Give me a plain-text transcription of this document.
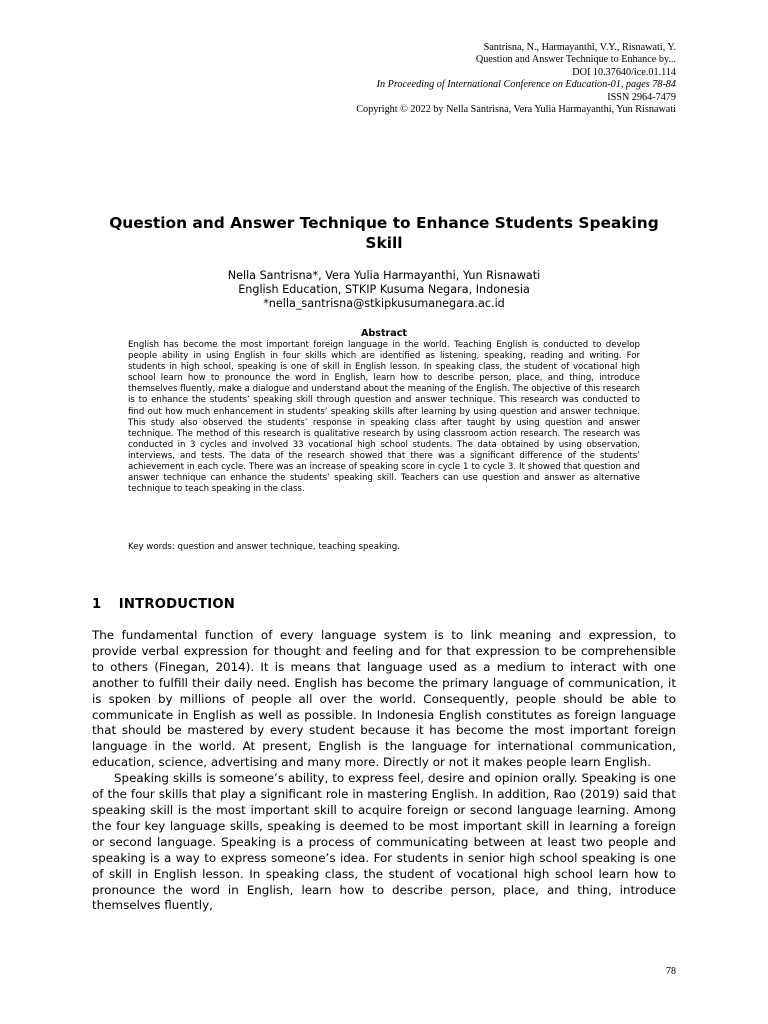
Santrisna, N., Harmayanthi, V.Y., Risnawati, Y.
Question and Answer Technique to Enhance by...
DOI 10.37640/ice.01.114
In Proceeding of International Conference on Education-01, pages 78-84
ISSN 2964-7479
Copyright © 2022 by Nella Santrisna, Vera Yulia Harmayanthi, Yun Risnawati
Question and Answer Technique to Enhance Students Speaking
Skill
Nella Santrisna*, Vera Yulia Harmayanthi, Yun Risnawati
English Education, STKIP Kusuma Negara, Indonesia
*nella_santrisna@stkipkusumanegara.ac.id
Abstract
English has become the most important foreign language in the world. Teaching English is conducted to develop people ability in using English in four skills which are identified as listening, speaking, reading and writing. For students in high school, speaking is one of skill in English lesson. In speaking class, the student of vocational high school learn how to pronounce the word in English, learn how to describe person, place, and thing, introduce themselves fluently, make a dialogue and understand about the meaning of the English. The objective of this research is to enhance the students’ speaking skill through question and answer technique. This research was conducted to find out how much enhancement in students’ speaking skills after learning by using question and answer technique. This study also observed the students’ response in speaking class after taught by using question and answer technique. The method of this research is qualitative research by using classroom action research. The research was conducted in 3 cycles and involved 33 vocational high school students. The data obtained by using observation, interviews, and tests. The data of the research showed that there was a significant difference of the students’ achievement in each cycle. There was an increase of speaking score in cycle 1 to cycle 3. It showed that question and answer technique can enhance the students’ speaking skill. Teachers can use question and answer as alternative technique to teach speaking in the class.
Key words: question and answer technique, teaching speaking.
1 INTRODUCTION

The fundamental function of every language system is to link meaning and expression, to provide verbal expression for thought and feeling and for that expression to be comprehensible to others (Finegan, 2014). It is means that language used as a medium to interact with one another to fulfill their daily need. English has become the primary language of communication, it is spoken by millions of people all over the world. Consequently, people should be able to communicate in English as well as possible. In Indonesia English constitutes as foreign language that should be mastered by every student because it has become the most important foreign language in the world. At present, English is the language for international communication, education, science, advertising and many more. Directly or not it makes people learn English.

Speaking skills is someone’s ability, to express feel, desire and opinion orally. Speaking is one of the four skills that play a significant role in mastering English. In addition, Rao (2019) said that speaking skill is the most important skill to acquire foreign or second language learning. Among the four key language skills, speaking is deemed to be most important skill in learning a foreign or second language. Speaking is a process of communicating between at least two people and speaking is a way to express someone’s idea. For students in senior high school speaking is one of skill in English lesson. In speaking class, the student of vocational high school learn how to pronounce the word in English, learn how to describe person, place, and thing, introduce themselves fluently,

78
